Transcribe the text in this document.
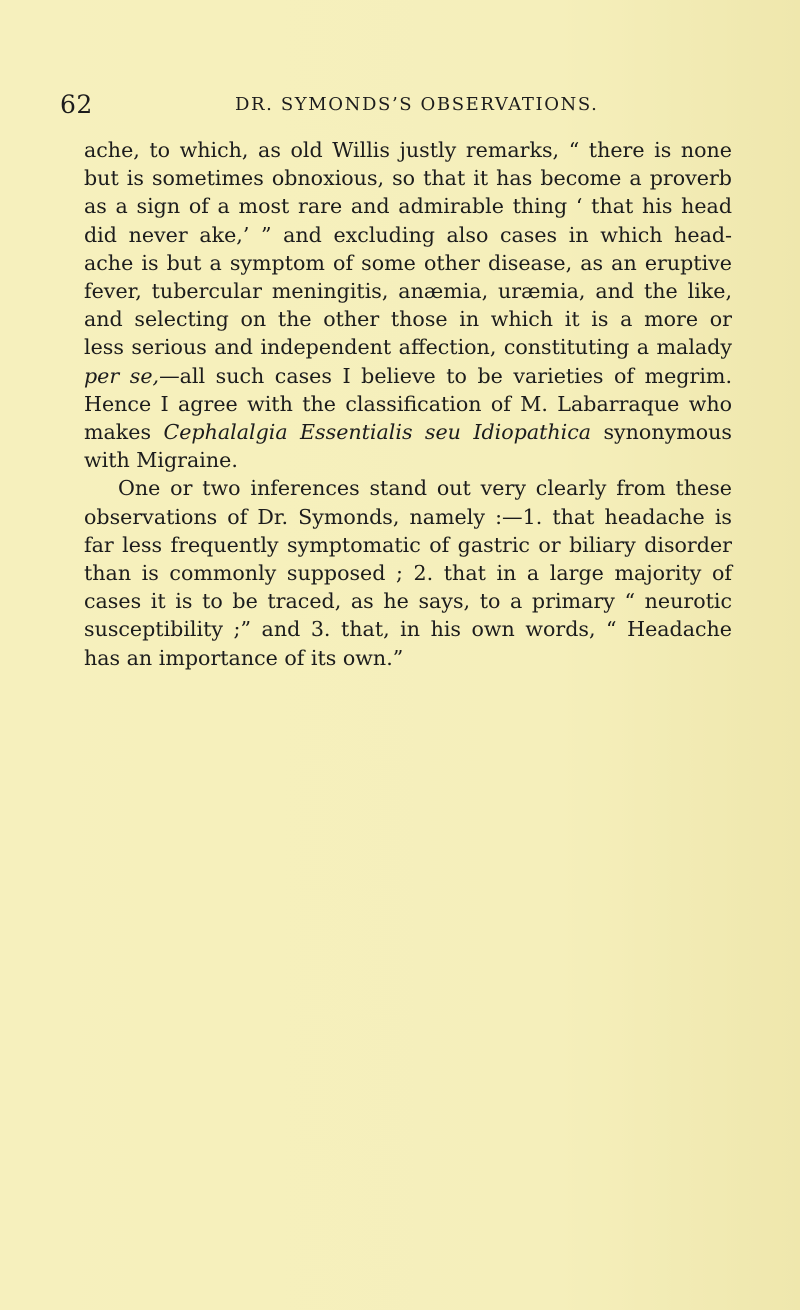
62	DR. SYMONDS’S OBSERVATIONS.

ache, to which, as old Willis justly remarks, “ there is none
but is sometimes obnoxious, so that it has become a proverb
as a sign of a most rare and admirable thing ‘ that his head
did never ake,’ ” and excluding also cases in which head-
ache is but a symptom of some other disease, as an eruptive
fever, tubercular meningitis, anæmia, uræmia, and the like,
and selecting on the other those in which it is a more or
less serious and independent affection, constituting a malady
per se,—all such cases I believe to be varieties of megrim.
Hence I agree with the classification of M. Labarraque who
makes Cephalalgia Essentialis seu Idiopathica synonymous
with Migraine.

One or two inferences stand out very clearly from these
observations of Dr. Symonds, namely :—1. that headache is
far less frequently symptomatic of gastric or biliary disorder
than is commonly supposed ; 2. that in a large majority of
cases it is to be traced, as he says, to a primary “ neurotic
susceptibility ;” and 3. that, in his own words, “ Headache
has an importance of its own.”
